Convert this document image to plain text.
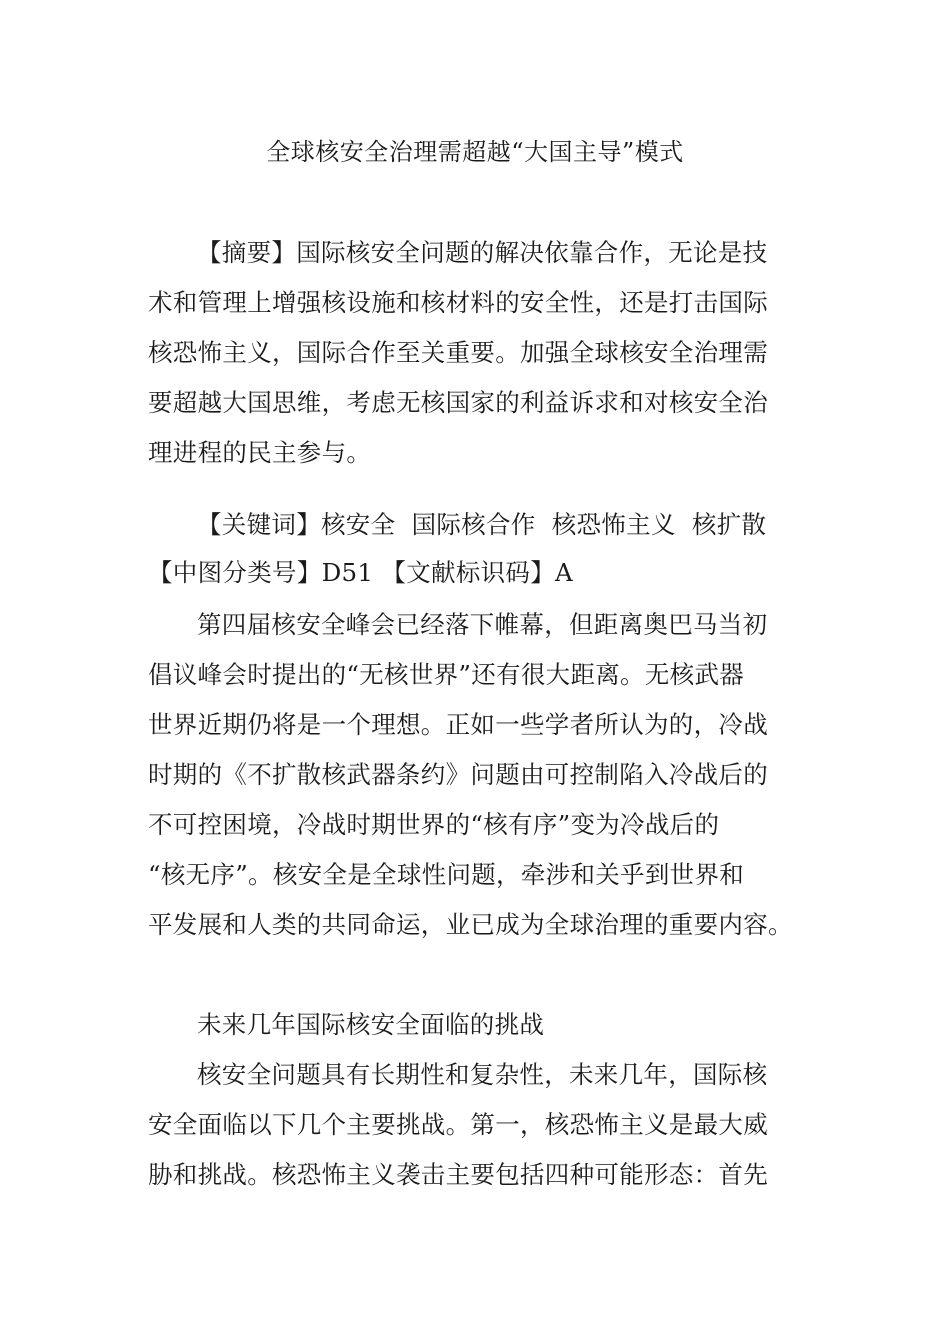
全球核安全治理需超越“大国主导”模式
【摘要】国际核安全问题的解决依靠合作，无论是技
术和管理上增强核设施和核材料的安全性，还是打击国际
核恐怖主义，国际合作至关重要。加强全球核安全治理需
要超越大国思维，考虑无核国家的利益诉求和对核安全治
理进程的民主参与。
【关键词】核安全  国际核合作  核恐怖主义  核扩散
【中图分类号】D51 【文献标识码】A
第四届核安全峰会已经落下帷幕，但距离奥巴马当初
倡议峰会时提出的“无核世界”还有很大距离。无核武器
世界近期仍将是一个理想。正如一些学者所认为的，冷战
时期的《不扩散核武器条约》问题由可控制陷入冷战后的
不可控困境，冷战时期世界的“核有序”变为冷战后的
“核无序”。核安全是全球性问题，牵涉和关乎到世界和
平发展和人类的共同命运，业已成为全球治理的重要内容。
未来几年国际核安全面临的挑战
核安全问题具有长期性和复杂性，未来几年，国际核
安全面临以下几个主要挑战。第一，核恐怖主义是最大威
胁和挑战。核恐怖主义袭击主要包括四种可能形态：首先
